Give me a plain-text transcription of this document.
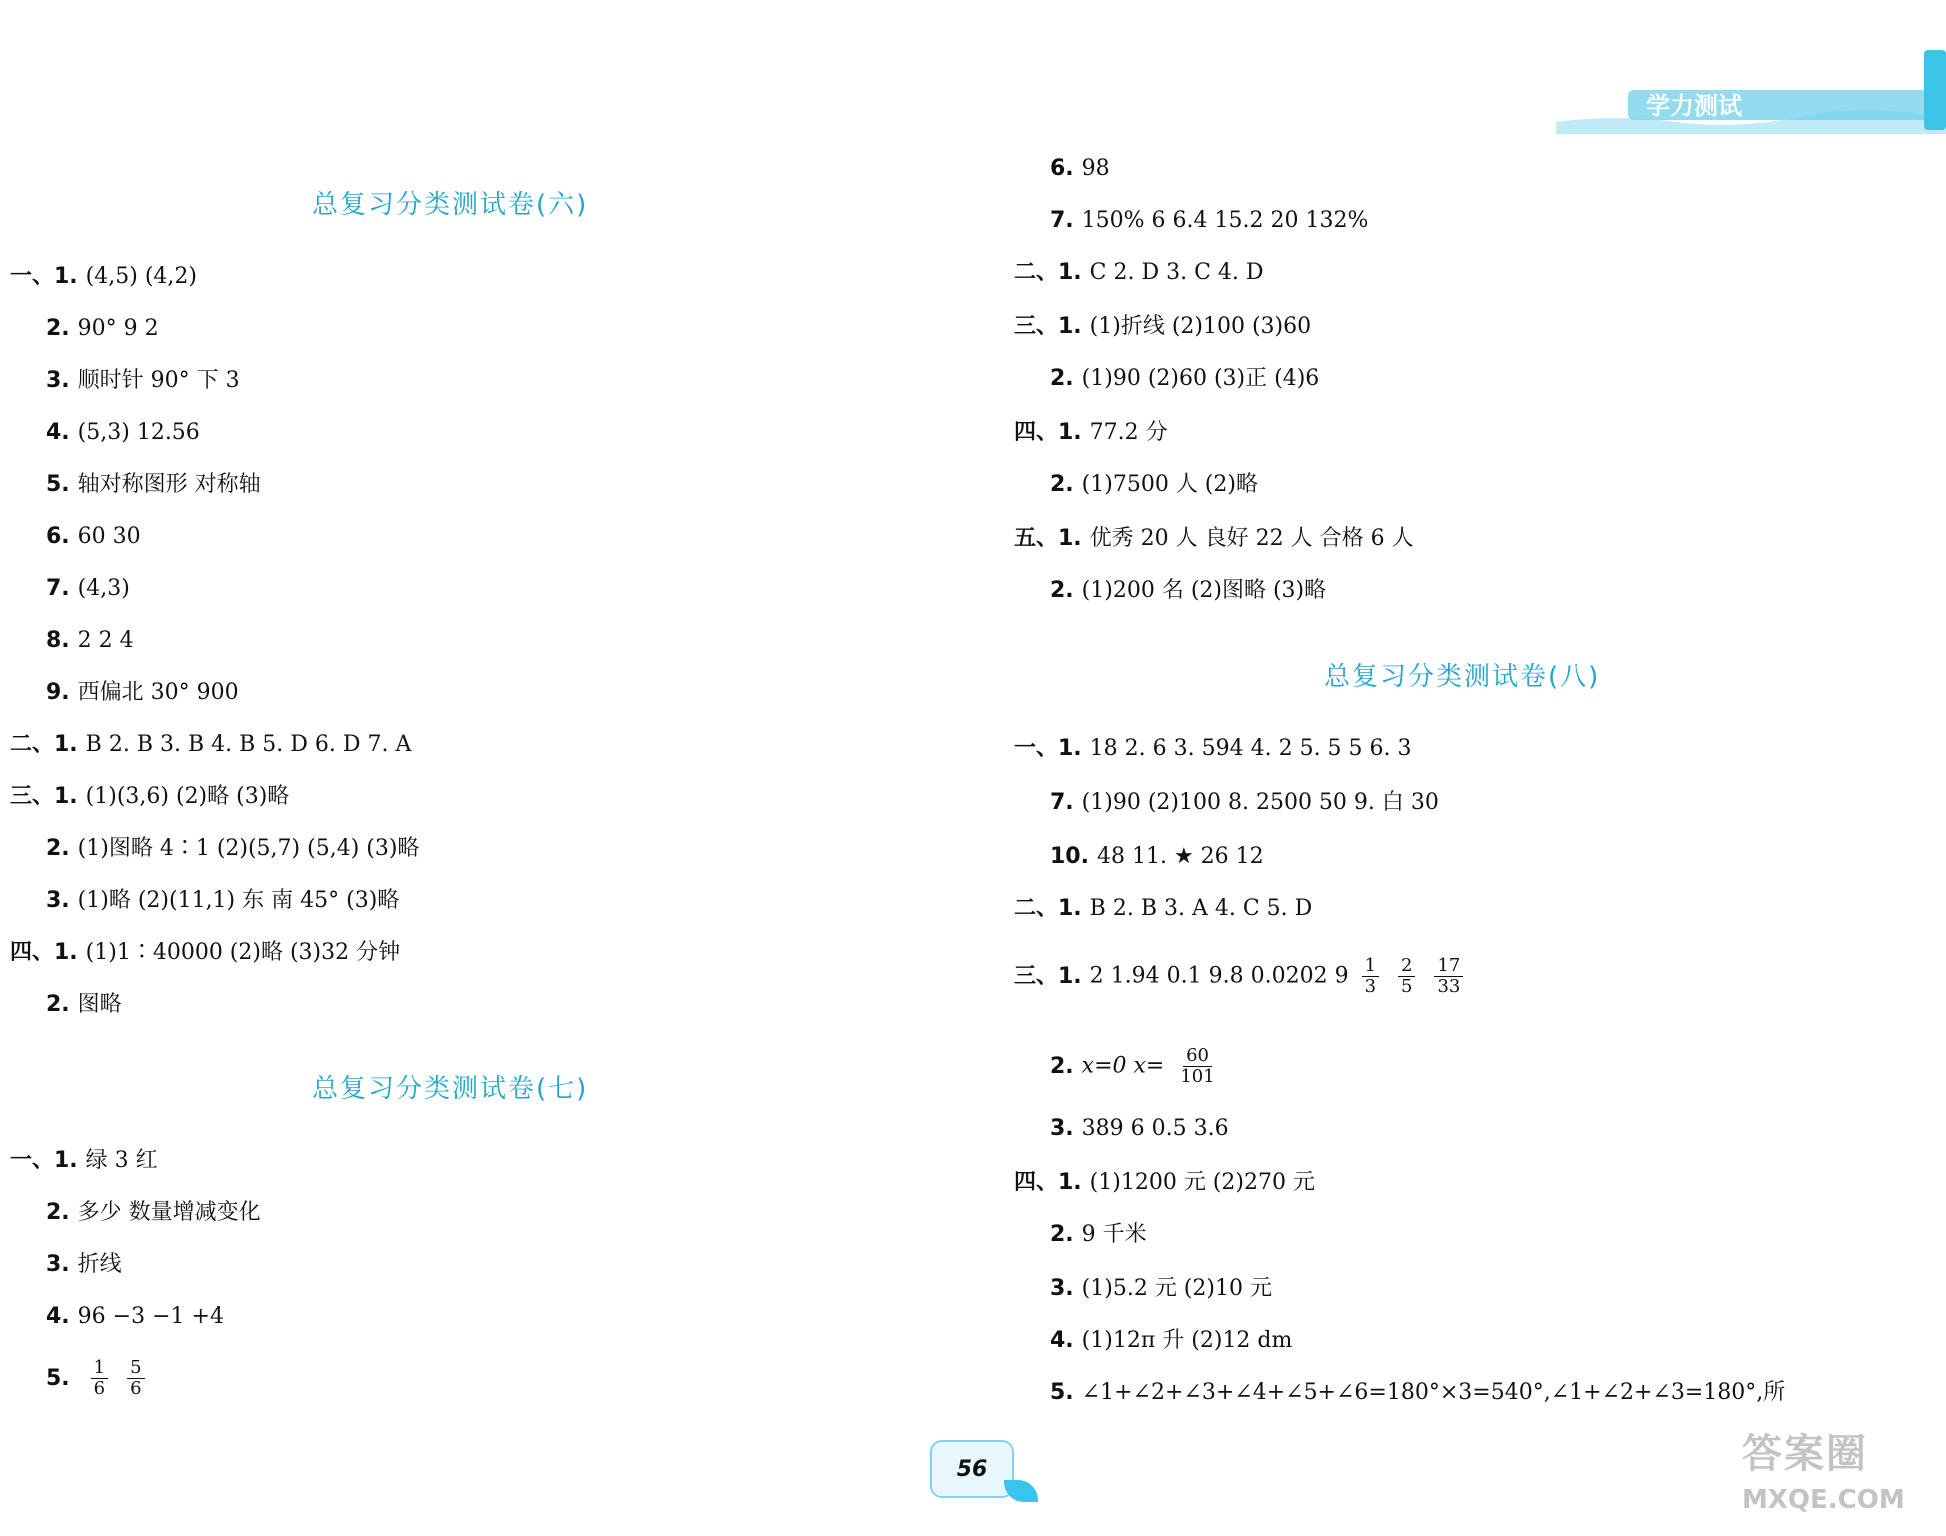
学力测试
总复习分类测试卷(六)
一、1. (4,5) (4,2)
2. 90° 9 2
3. 顺时针 90° 下 3
4. (5,3) 12.56
5. 轴对称图形 对称轴
6. 60 30
7. (4,3)
8. 2 2 4
9. 西偏北 30° 900
二、1. B 2. B 3. B 4. B 5. D 6. D 7. A
三、1. (1)(3,6) (2)略 (3)略
2. (1)图略 4∶1 (2)(5,7) (5,4) (3)略
3. (1)略 (2)(11,1) 东 南 45° (3)略
四、1. (1)1∶40000 (2)略 (3)32 分钟
2. 图略
总复习分类测试卷(七)
一、1. 绿 3 红
2. 多少 数量增减变化
3. 折线
4. 96 −3 −1 +4
5. $\frac{1}{6}$
$\frac{5}{6}$
6. 98
7. 150% 6 6.4 15.2 20 132%
二、1. C 2. D 3. C 4. D
三、1. (1)折线 (2)100 (3)60
2. (1)90 (2)60 (3)正 (4)6
四、1. 77.2 分
2. (1)7500 人 (2)略
五、1. 优秀 20 人 良好 22 人 合格 6 人
2. (1)200 名 (2)图略 (3)略
总复习分类测试卷(八)
一、1. 18 2. 6 3. 594 4. 2 5. 5 5 6. 3
7. (1)90 (2)100 8. 2500 50 9. 白 30
10. 48 11. ★ 26 12
二、1. B 2. B 3. A 4. C 5. D
三、1. 2 1.94 0.1 9.8 0.0202 $9 \frac{1}{3}$
$\frac{2}{5}$
$\frac{17}{33}$
2. x=0 $x= \frac{60}{101}$
3. 389 6 0.5 3.6
四、1. (1)1200 元 (2)270 元
2. 9 千米
3. (1)5.2 元 (2)10 元
4. (1)12π 升 (2)12 dm
5. ∠1+∠2+∠3+∠4+∠5+∠6=180°×3=540°,∠1+∠2+∠3=180°,所
56	答案圈
MXQE.COM
